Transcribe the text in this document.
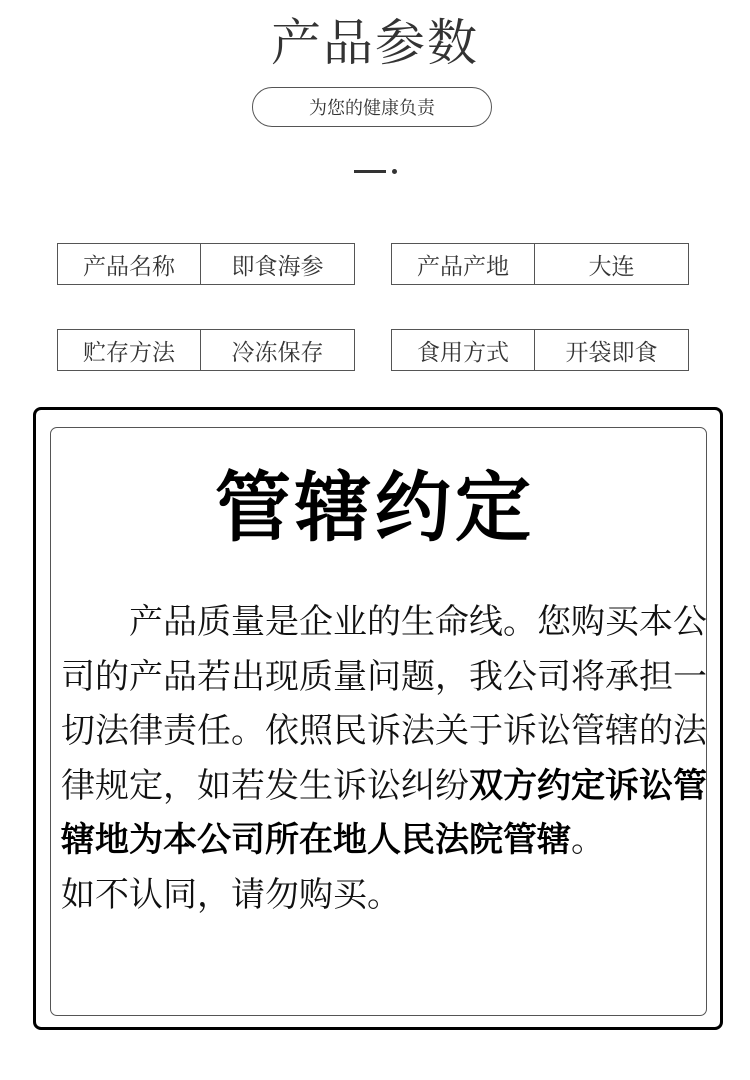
产品参数
为您的健康负责
产品名称	即食海参	产品产地	大连
贮存方法	冷冻保存	食用方式	开袋即食
管辖约定
　　产品质量是企业的生命线。您购买本公
司的产品若出现质量问题，我公司将承担一
切法律责任。依照民诉法关于诉讼管辖的法
律规定，如若发生诉讼纠纷双方约定诉讼管
辖地为本公司所在地人民法院管辖。
如不认同，请勿购买。
